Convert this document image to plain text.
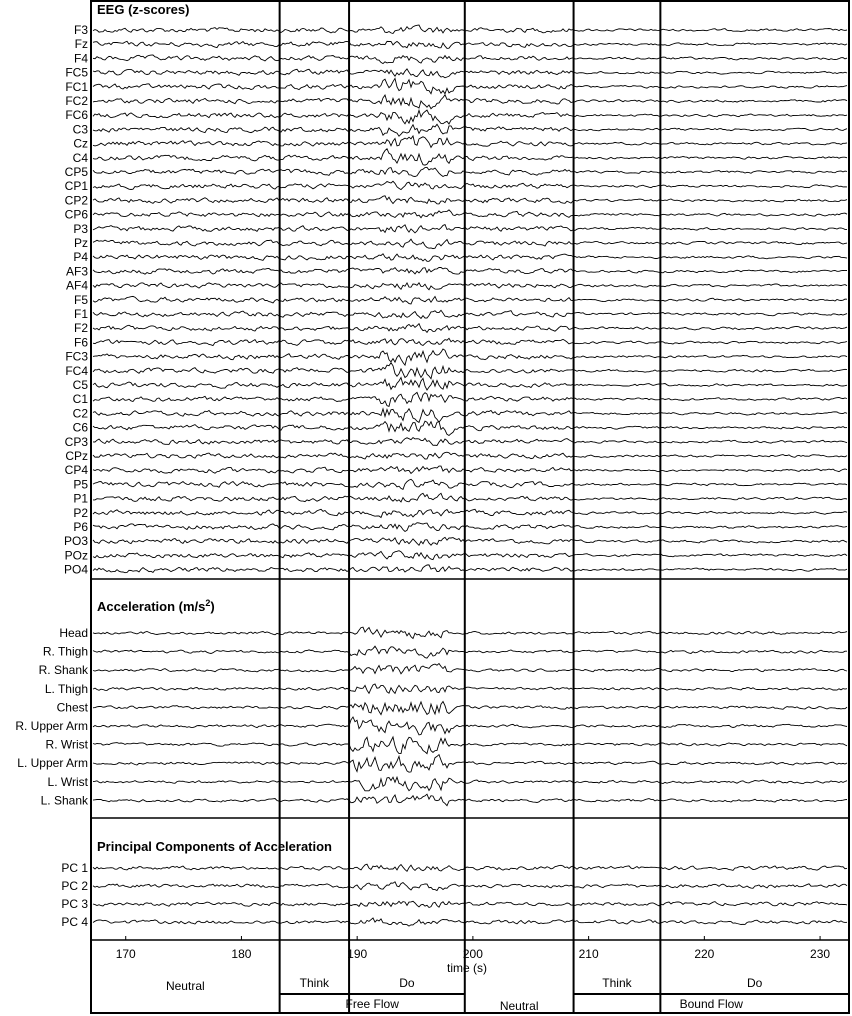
EEG (z-scores)
Acceleration $(m/s^2)$
Principal Components of Acceleration
F3
Fz
F4
FC5
FC1
FC2
FC6
C3
Cz
C4
CP5
CP1
CP2
CP6
P3
Pz
P4
AF3
AF4
F5
F1
F2
F6
FC3
FC4
C5
C1
C2
C6
CP3
CPz
CP4
P5
P1
P2
P6
PO3
POz
PO4
Head
R. Thigh
R. Shank
L. Thigh
Chest
R. Upper Arm
R. Wrist
L. Upper Arm
L. Wrist
L. Shank
PC 1
PC 2
PC 3
PC 4
170	180	190	200	210	220	230
Neutral	Think	Do
Neutral
Think	Do
Free Flow	Bound Flow
time (s)
